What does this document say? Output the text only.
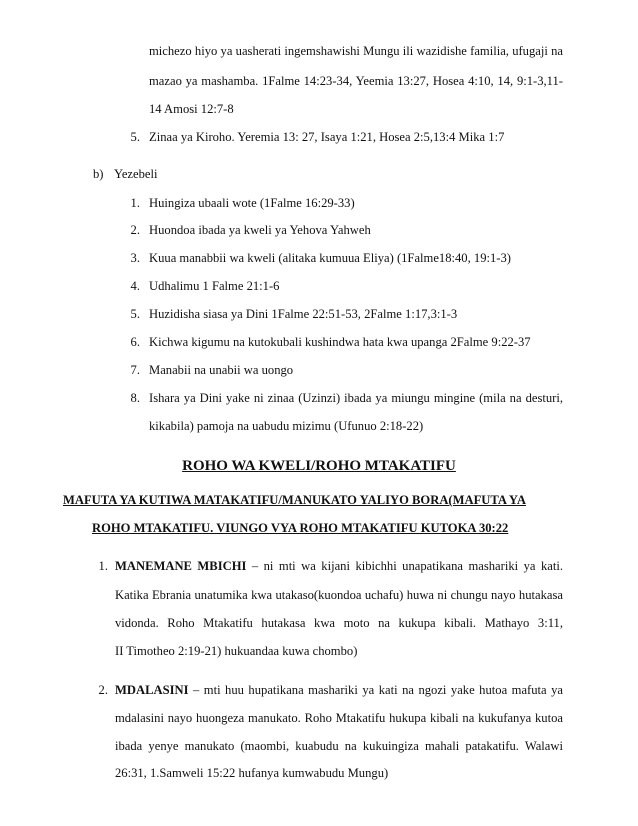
michezo hiyo ya uasherati ingemshawishi Mungu ili wazidishe familia, ufugaji na
mazao ya mashamba. 1Falme 14:23-34, Yeemia 13:27, Hosea 4:10, 14, 9:1-3,11-
14 Amosi 12:7-8
5. Zinaa ya Kiroho. Yeremia 13: 27, Isaya 1:21, Hosea 2:5,13:4 Mika 1:7
b) Yezebeli
1. Huingiza ubaali wote (1Falme 16:29-33)
2. Huondoa ibada ya kweli ya Yehova Yahweh
3. Kuua manabbii wa kweli (alitaka kumuua Eliya) (1Falme18:40, 19:1-3)
4. Udhalimu 1 Falme 21:1-6
5. Huzidisha siasa ya Dini 1Falme 22:51-53, 2Falme 1:17,3:1-3
6. Kichwa kigumu na kutokubali kushindwa hata kwa upanga 2Falme 9:22-37
7. Manabii na unabii wa uongo
8. Ishara ya Dini yake ni zinaa (Uzinzi) ibada ya miungu mingine (mila na desturi,
kikabila) pamoja na uabudu mizimu (Ufunuo 2:18-22)
ROHO WA KWELI/ROHO MTAKATIFU
MAFUTA YA KUTIWA MATAKATIFU/MANUKATO YALIYO BORA(MAFUTA YA
ROHO MTAKATIFU. VIUNGO VYA ROHO MTAKATIFU KUTOKA 30:22
1. MANEMANE MBICHI – ni mti wa kijani kibichhi unapatikana mashariki ya kati.
Katika Ebrania unatumika kwa utakaso(kuondoa uchafu) huwa ni chungu nayo hutakasa
vidonda. Roho Mtakatifu hutakasa kwa moto na kukupa kibali. Mathayo 3:11,
II Timotheo 2:19-21) hukuandaa kuwa chombo)
2. MDALASINI – mti huu hupatikana mashariki ya kati na ngozi yake hutoa mafuta ya
mdalasini nayo huongeza manukato. Roho Mtakatifu hukupa kibali na kukufanya kutoa
ibada yenye manukato (maombi, kuabudu na kukuingiza mahali patakatifu. Walawi
26:31, 1.Samweli 15:22 hufanya kumwabudu Mungu)
